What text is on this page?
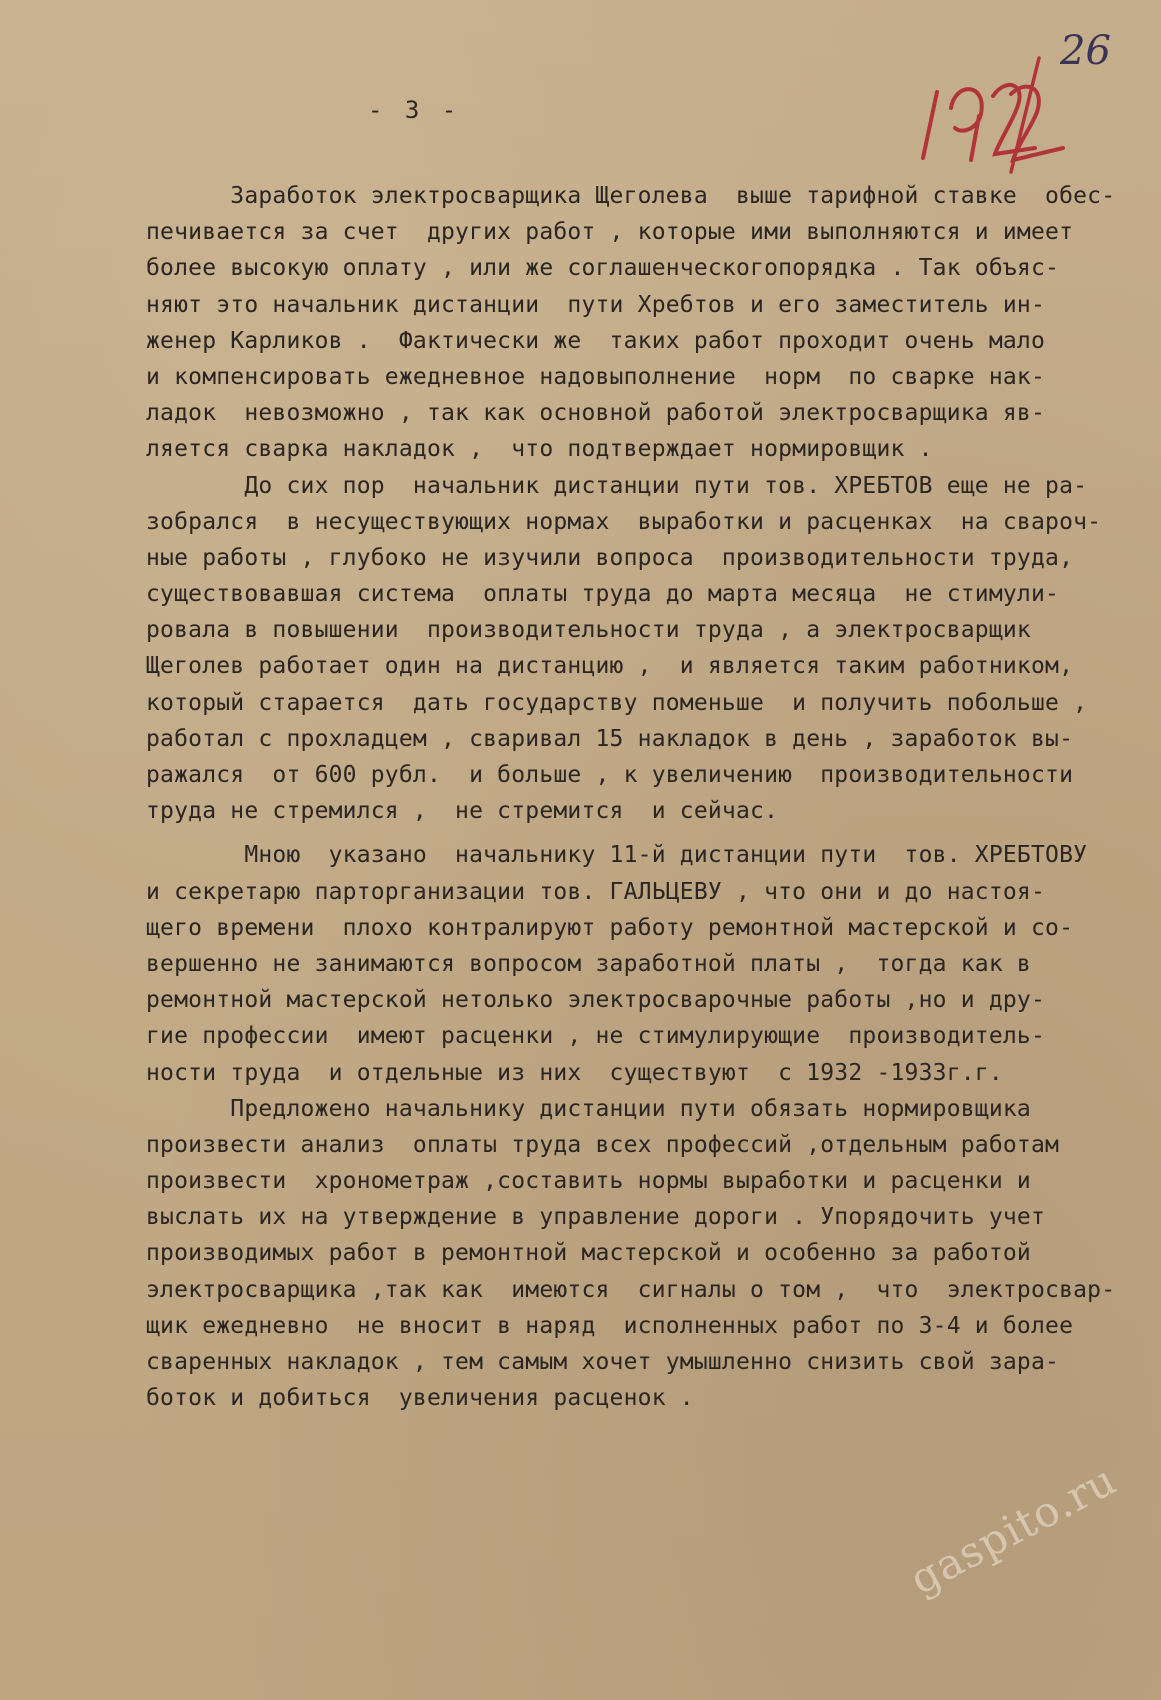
- 3 -
26
Заработок электросварщика Щеголева  выше тарифной ставке  обес-
печивается за счет  других работ , которые ими выполняются и имеет
более высокую оплату , или же соглашенческогопорядка . Так объяс-
няют это начальник дистанции  пути Хребтов и его заместитель ин-
женер Карликов .  Фактически же  таких работ проходит очень мало
и компенсировать ежедневное надовыполнение  норм  по сварке нак-
ладок  невозможно , так как основной работой электросварщика яв-
ляется сварка накладок ,  что подтверждает нормировщик .
До сих пор  начальник дистанции пути тов. ХРЕБТОВ еще не ра-
зобрался  в несуществующих нормах  выработки и расценках  на свароч-
ные работы , глубоко не изучили вопроса  производительности труда,
существовавшая система  оплаты труда до марта месяца  не стимули-
ровала в повышении  производительности труда , а электросварщик
Щеголев работает один на дистанцию ,  и является таким работником,
который старается  дать государству поменьше  и получить побольше ,
работал с прохладцем , сваривал 15 накладок в день , заработок вы-
ражался  от 600 рубл.  и больше , к увеличению  производительности
труда не стремился ,  не стремится  и сейчас.
Мною  указано  начальнику 11-й дистанции пути  тов. ХРЕБТОВУ
и секретарю парторганизации тов. ГАЛЬЦЕВУ , что они и до настоя-
щего времени  плохо контралируют работу ремонтной мастерской и со-
вершенно не занимаются вопросом заработной платы ,  тогда как в
ремонтной мастерской нетолько электросварочные работы ,но и дру-
гие профессии  имеют расценки , не стимулирующие  производитель-
ности труда  и отдельные из них  существуют  с 1932 -1933г.г.
Предложено начальнику дистанции пути обязать нормировщика
произвести анализ  оплаты труда всех профессий ,отдельным работам
произвести  хронометраж ,составить нормы выработки и расценки и
выслать их на утверждение в управление дороги . Упорядочить учет
производимых работ в ремонтной мастерской и особенно за работой
электросварщика ,так как  имеются  сигналы о том ,  что  электросвар-
щик ежедневно  не вносит в наряд  исполненных работ по 3-4 и более
сваренных накладок , тем самым хочет умышленно снизить свой зара-
боток и добиться  увеличения расценок .
gaspito.ru
